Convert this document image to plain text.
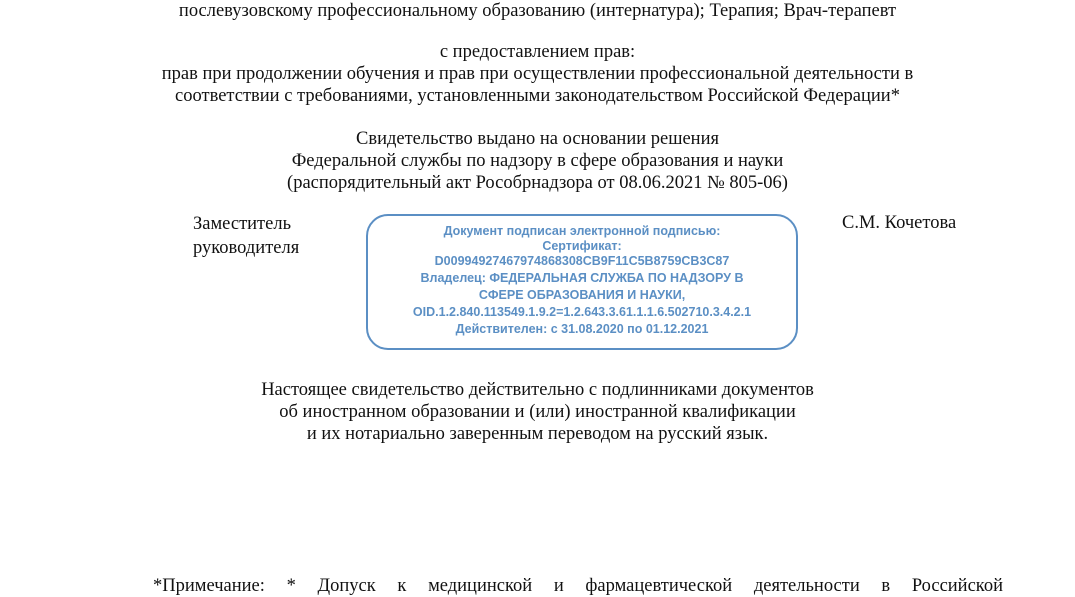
послевузовскому профессиональному образованию (интернатура); Терапия; Врач-терапевт
с предоставлением прав:
прав при продолжении обучения и прав при осуществлении профессиональной деятельности в
соответствии с требованиями, установленными законодательством Российской Федерации*
Свидетельство выдано на основании решения
Федеральной службы по надзору в сфере образования и науки
(распорядительный акт Рособрнадзора от 08.06.2021 № 805-06)
Заместитель
руководителя
С.М. Кочетова
Документ подписан электронной подписью:
Сертификат:
D00994927467974868308CB9F11C5B8759CB3C87
Владелец: ФЕДЕРАЛЬНАЯ СЛУЖБА ПО НАДЗОРУ В
СФЕРЕ ОБРАЗОВАНИЯ И НАУКИ,
OID.1.2.840.113549.1.9.2=1.2.643.3.61.1.1.6.502710.3.4.2.1
Действителен: с 31.08.2020 по 01.12.2021
Настоящее свидетельство действительно с подлинниками документов
об иностранном образовании и (или) иностранной квалификации
и их нотариально заверенным переводом на русский язык.
*Примечание: * Допуск к медицинской и фармацевтической деятельности в Российской
